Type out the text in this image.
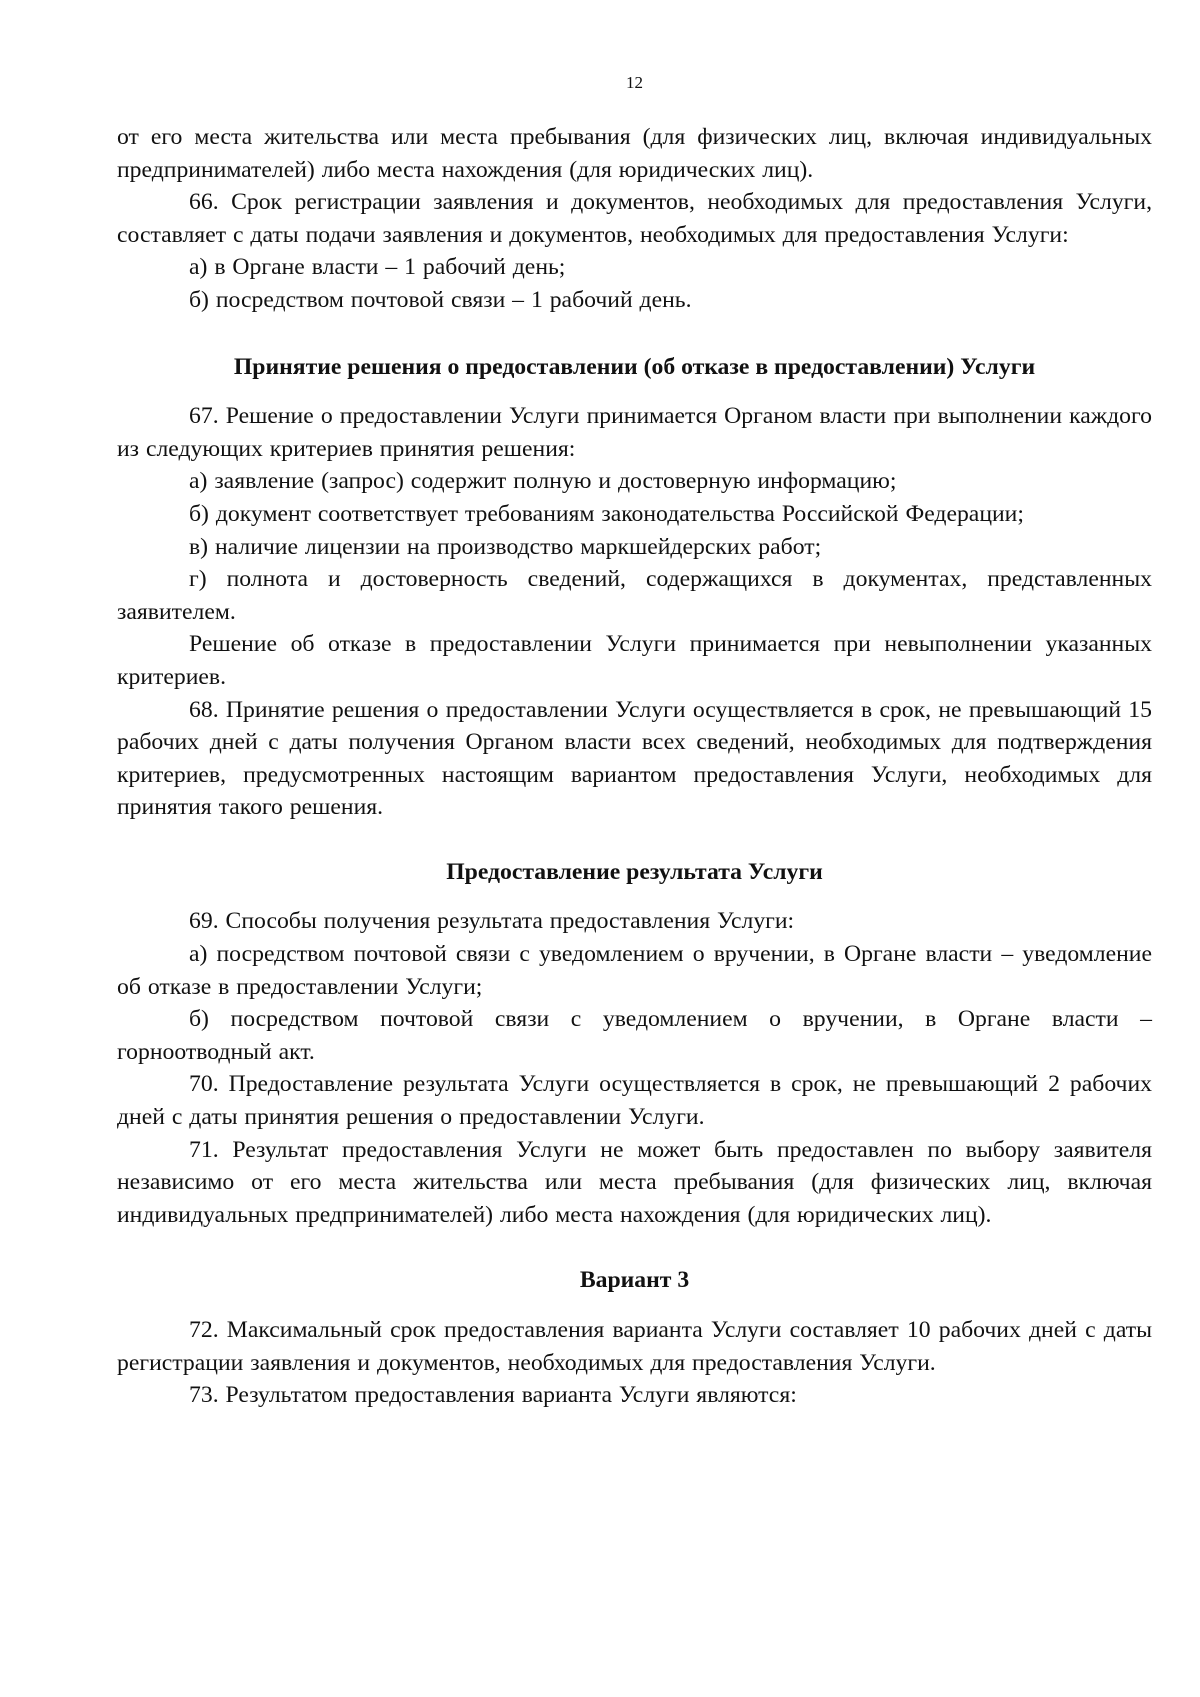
12

от его места жительства или места пребывания (для физических лиц, включая индивидуальных предпринимателей) либо места нахождения (для юридических лиц).

66. Срок регистрации заявления и документов, необходимых для предоставления Услуги, составляет с даты подачи заявления и документов, необходимых для предоставления Услуги:

а) в Органе власти – 1 рабочий день;

б) посредством почтовой связи – 1 рабочий день.

Принятие решения о предоставлении (об отказе в предоставлении) Услуги

67. Решение о предоставлении Услуги принимается Органом власти при выполнении каждого из следующих критериев принятия решения:

а) заявление (запрос) содержит полную и достоверную информацию;

б) документ соответствует требованиям законодательства Российской Федерации;

в) наличие лицензии на производство маркшейдерских работ;

г) полнота и достоверность сведений, содержащихся в документах, представленных заявителем.

Решение об отказе в предоставлении Услуги принимается при невыполнении указанных критериев.

68. Принятие решения о предоставлении Услуги осуществляется в срок, не превышающий 15 рабочих дней с даты получения Органом власти всех сведений, необходимых для подтверждения критериев, предусмотренных настоящим вариантом предоставления Услуги, необходимых для принятия такого решения.

Предоставление результата Услуги

69. Способы получения результата предоставления Услуги:

а) посредством почтовой связи с уведомлением о вручении, в Органе власти – уведомление об отказе в предоставлении Услуги;

б) посредством почтовой связи с уведомлением о вручении, в Органе власти – горноотводный акт.

70. Предоставление результата Услуги осуществляется в срок, не превышающий 2 рабочих дней с даты принятия решения о предоставлении Услуги.

71. Результат предоставления Услуги не может быть предоставлен по выбору заявителя независимо от его места жительства или места пребывания (для физических лиц, включая индивидуальных предпринимателей) либо места нахождения (для юридических лиц).

Вариант 3

72. Максимальный срок предоставления варианта Услуги составляет 10 рабочих дней с даты регистрации заявления и документов, необходимых для предоставления Услуги.

73. Результатом предоставления варианта Услуги являются:
